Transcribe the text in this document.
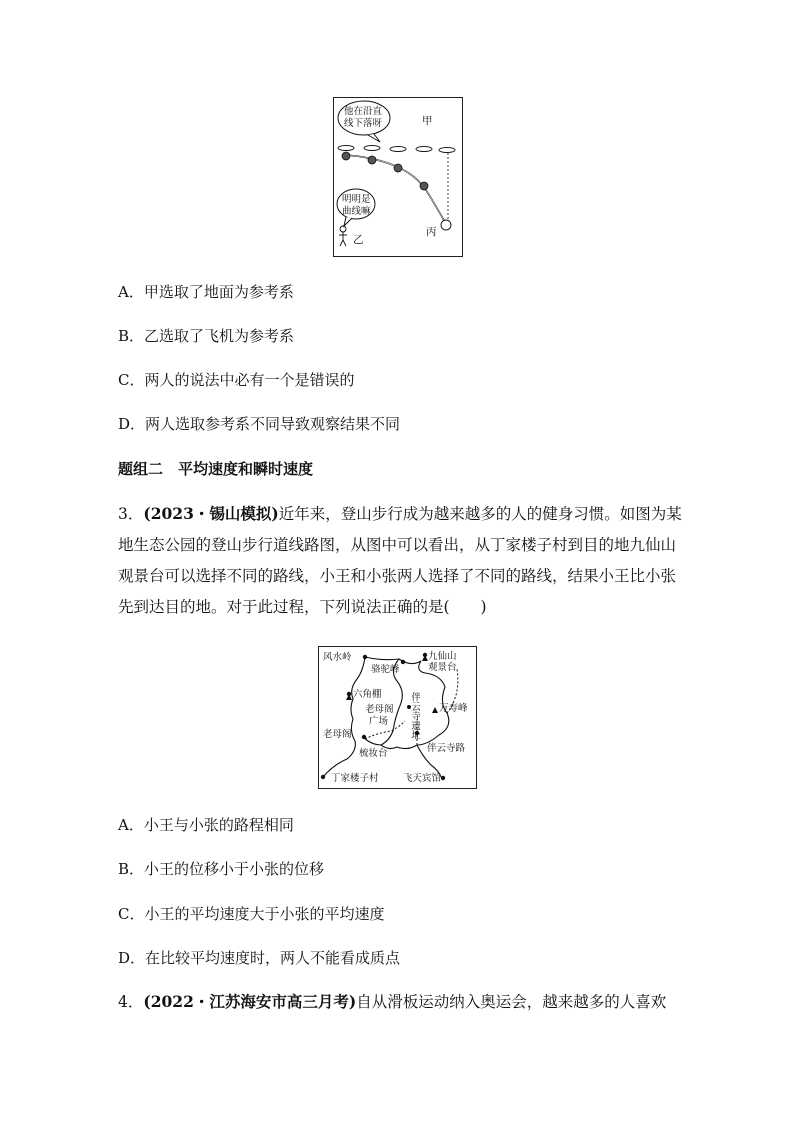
他在沿直
线下落呀	甲
明明是
曲线嘛
乙
丙
A．甲选取了地面为参考系
B．乙选取了飞机为参考系
C．两人的说法中必有一个是错误的
D．两人选取参考系不同导致观察结果不同
题组二　平均速度和瞬时速度
3．(2023・锡山模拟)近年来，登山步行成为越来越多的人的健身习惯。如图为某地生态公园的登山步行道线路图，从图中可以看出，从丁家楼子村到目的地九仙山观景台可以选择不同的路线，小王和小张两人选择了不同的路线，结果小王比小张先到达目的地。对于此过程，下列说法正确的是(　　)
风水岭
骆驼峰
九仙山
观景台
六角棚
老母阁
广场 伴云寺遗址 万寿峰
老母阁
梳妆台	伴云寺路
丁家楼子村	飞天宾馆
A．小王与小张的路程相同
B．小王的位移小于小张的位移
C．小王的平均速度大于小张的平均速度
D．在比较平均速度时，两人不能看成质点
4．(2022・江苏海安市高三月考)自从滑板运动纳入奥运会，越来越多的人喜欢
